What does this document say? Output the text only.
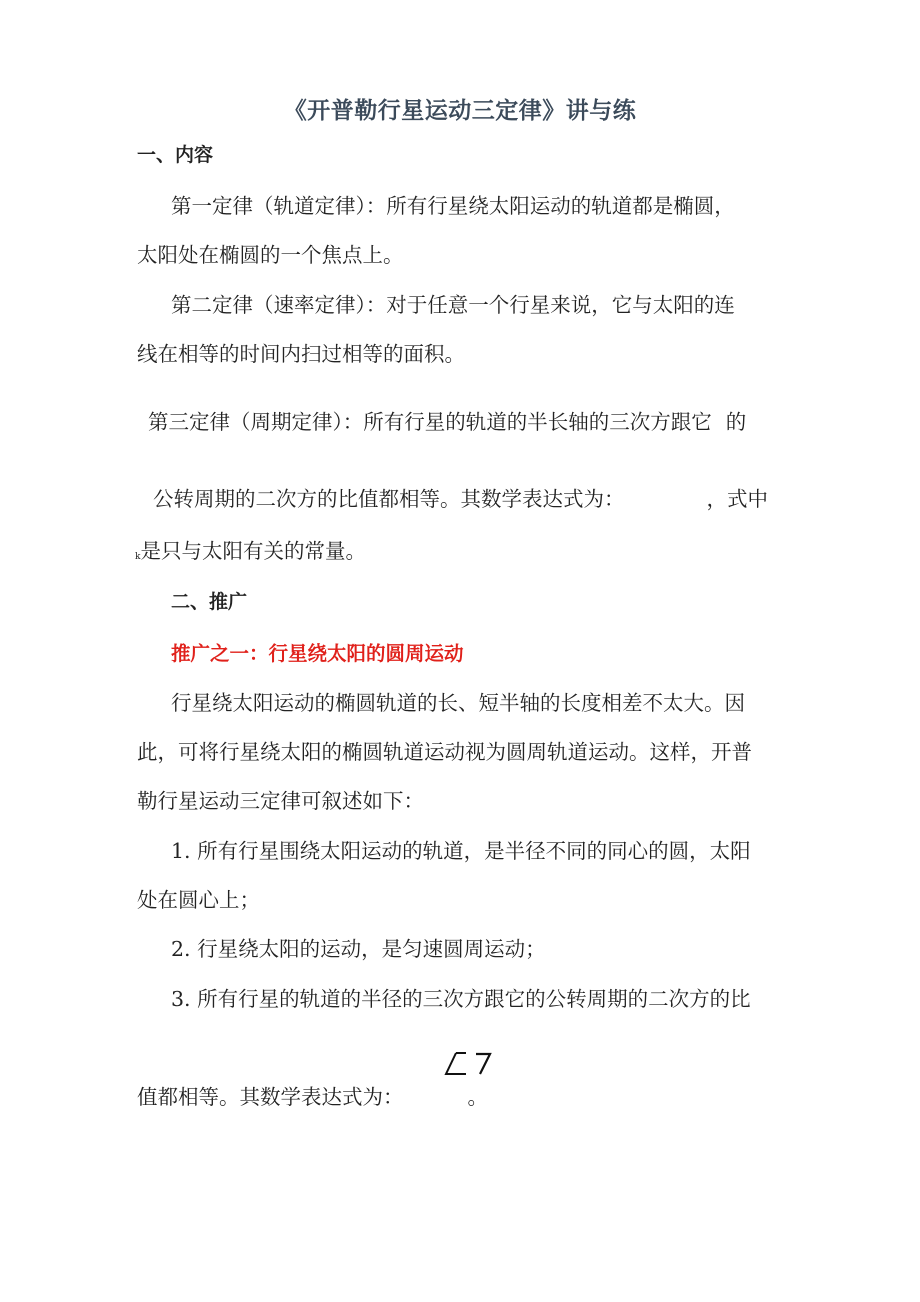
《开普勒行星运动三定律》讲与练
一、内容
第一定律（轨道定律）：所有行星绕太阳运动的轨道都是椭圆，
太阳处在椭圆的一个焦点上。
第二定律（速率定律）：对于任意一个行星来说，它与太阳的连
线在相等的时间内扫过相等的面积。
第三定律（周期定律）：所有行星的轨道的半长轴的三次方跟它 的
公转周期的二次方的比值都相等。其数学表达式为：	，式中
k是只与太阳有关的常量。
二、推广
推广之一：行星绕太阳的圆周运动
行星绕太阳运动的椭圆轨道的长、短半轴的长度相差不太大。因
此，可将行星绕太阳的椭圆轨道运动视为圆周轨道运动。这样，开普
勒行星运动三定律可叙述如下：
1. 所有行星围绕太阳运动的轨道，是半径不同的同心的圆，太阳
处在圆心上；
2. 行星绕太阳的运动，是匀速圆周运动；
3. 所有行星的轨道的半径的三次方跟它的公转周期的二次方的比
值都相等。其数学表达式为：	。
